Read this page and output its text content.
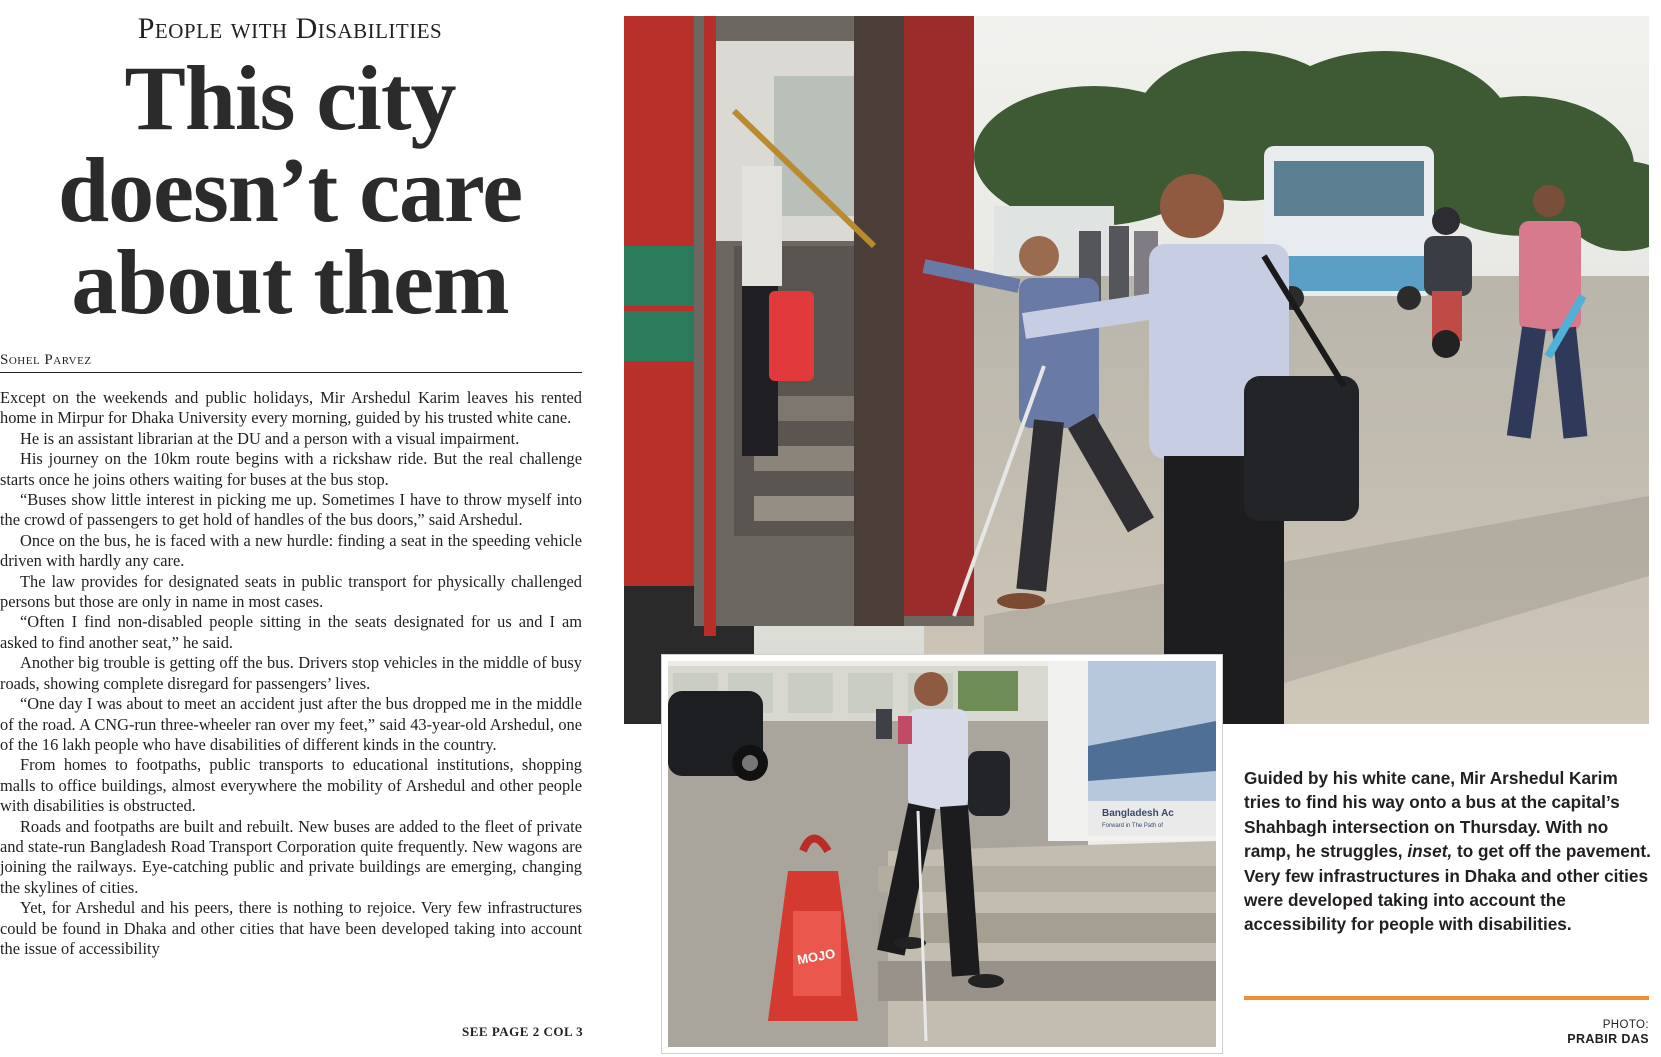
People with Disabilities
This city
doesn’t care
about them
Sohel Parvez

Except on the weekends and public holidays, Mir Arshedul Karim leaves his rented home in Mirpur for Dhaka University every morning, guided by his trusted white cane.

He is an assistant librarian at the DU and a person with a visual impairment.

His journey on the 10km route begins with a rickshaw ride. But the real challenge starts once he joins others waiting for buses at the bus stop.

“Buses show little interest in picking me up. Sometimes I have to throw myself into the crowd of passengers to get hold of handles of the bus doors,” said Arshedul.

Once on the bus, he is faced with a new hurdle: finding a seat in the speeding vehicle driven with hardly any care.

The law provides for designated seats in public transport for physically challenged persons but those are only in name in most cases.

“Often I find non-disabled people sitting in the seats designated for us and I am asked to find another seat,” he said.

Another big trouble is getting off the bus. Drivers stop vehicles in the middle of busy roads, showing complete disregard for passengers’ lives.

“One day I was about to meet an accident just after the bus dropped me in the middle of the road. A CNG-run three-wheeler ran over my feet,” said 43-year-old Arshedul, one of the 16 lakh people who have disabilities of different kinds in the country.

From homes to footpaths, public transports to educational institutions, shopping malls to office buildings, almost everywhere the mobility of Arshedul and other people with disabilities is obstructed.

Roads and footpaths are built and rebuilt. New buses are added to the fleet of private and state-run Bangladesh Road Transport Corporation quite frequently. New wagons are joining the railways. Eye-catching public and private buildings are emerging, changing the skylines of cities.

Yet, for Arshedul and his peers, there is nothing to rejoice. Very few infrastructures could be found in Dhaka and other cities that have been developed taking into account the issue of accessibility

SEE PAGE 2 COL 3
Bangladesh Ac
Forward in The Path of
MOJO
Guided by his white cane, Mir Arshedul Karim tries to find his way onto a bus at the capital’s Shahbagh intersection on Thursday. With no ramp, he struggles, inset, to get off the pavement. Very few infrastructures in Dhaka and other cities were developed taking into account the accessibility for people with disabilities.
PHOTO:
PRABIR DAS
